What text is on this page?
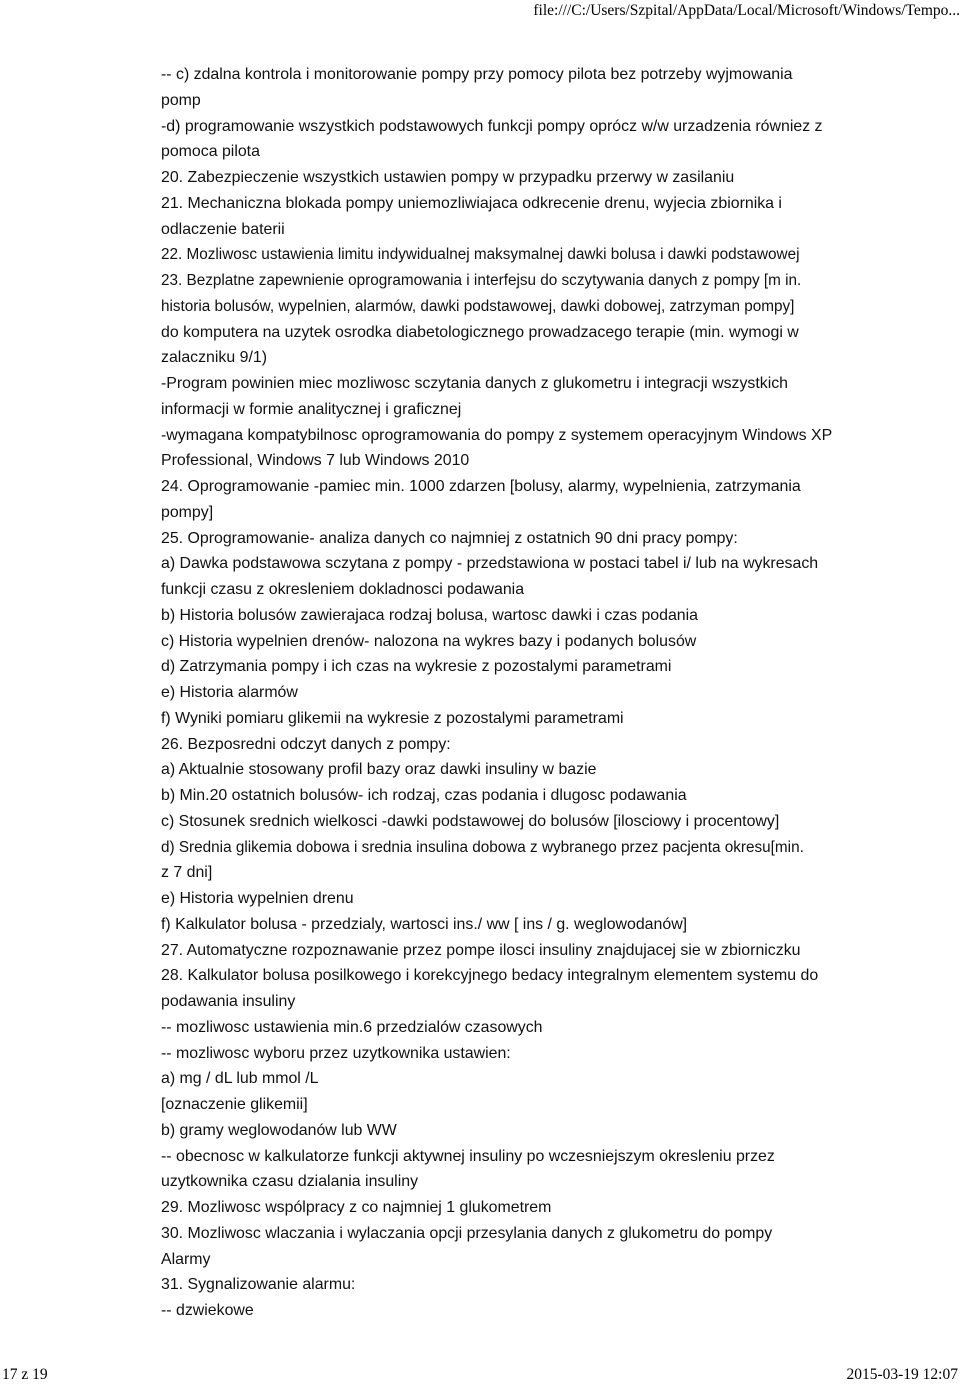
file:///C:/Users/Szpital/AppData/Local/Microsoft/Windows/Tempo...
-- c) zdalna kontrola i monitorowanie pompy przy pomocy pilota bez potrzeby wyjmowania
pomp
-d) programowanie wszystkich podstawowych funkcji pompy oprócz w/w urzadzenia równiez z
pomoca pilota
20. Zabezpieczenie wszystkich ustawien pompy w przypadku przerwy w zasilaniu
21. Mechaniczna blokada pompy uniemozliwiajaca odkrecenie drenu, wyjecia zbiornika i
odlaczenie baterii
22. Mozliwosc ustawienia limitu indywidualnej maksymalnej dawki bolusa i dawki podstawowej
23. Bezplatne zapewnienie oprogramowania i interfejsu do sczytywania danych z pompy [m in.
historia bolusów, wypelnien, alarmów, dawki podstawowej, dawki dobowej, zatrzyman pompy]
do komputera na uzytek osrodka diabetologicznego prowadzacego terapie (min. wymogi w
zalaczniku 9/1)
-Program powinien miec mozliwosc sczytania danych z glukometru i integracji wszystkich
informacji w formie analitycznej i graficznej
-wymagana kompatybilnosc oprogramowania do pompy z systemem operacyjnym Windows XP
Professional, Windows 7 lub Windows 2010
24. Oprogramowanie -pamiec min. 1000 zdarzen [bolusy, alarmy, wypelnienia, zatrzymania
pompy]
25. Oprogramowanie- analiza danych co najmniej z ostatnich 90 dni pracy pompy:
a) Dawka podstawowa sczytana z pompy - przedstawiona w postaci tabel i/ lub na wykresach
funkcji czasu z okresleniem dokladnosci podawania
b) Historia bolusów zawierajaca rodzaj bolusa, wartosc dawki i czas podania
c) Historia wypelnien drenów- nalozona na wykres bazy i podanych bolusów
d) Zatrzymania pompy i ich czas na wykresie z pozostalymi parametrami
e) Historia alarmów
f) Wyniki pomiaru glikemii na wykresie z pozostalymi parametrami
26. Bezposredni odczyt danych z pompy:
a) Aktualnie stosowany profil bazy oraz dawki insuliny w bazie
b) Min.20 ostatnich bolusów- ich rodzaj, czas podania i dlugosc podawania
c) Stosunek srednich wielkosci -dawki podstawowej do bolusów [ilosciowy i procentowy]
d) Srednia glikemia dobowa i srednia insulina dobowa z wybranego przez pacjenta okresu[min.
z 7 dni]
e) Historia wypelnien drenu
f) Kalkulator bolusa - przedzialy, wartosci ins./ ww [ ins / g. weglowodanów]
27. Automatyczne rozpoznawanie przez pompe ilosci insuliny znajdujacej sie w zbiorniczku
28. Kalkulator bolusa posilkowego i korekcyjnego bedacy integralnym elementem systemu do
podawania insuliny
-- mozliwosc ustawienia min.6 przedzialów czasowych
-- mozliwosc wyboru przez uzytkownika ustawien:
a) mg / dL lub mmol /L
[oznaczenie glikemii]
b) gramy weglowodanów lub WW
-- obecnosc w kalkulatorze funkcji aktywnej insuliny po wczesniejszym okresleniu przez
uzytkownika czasu dzialania insuliny
29. Mozliwosc wspólpracy z co najmniej 1 glukometrem
30. Mozliwosc wlaczania i wylaczania opcji przesylania danych z glukometru do pompy
Alarmy
31. Sygnalizowanie alarmu:
-- dzwiekowe
17 z 19	2015-03-19 12:07
